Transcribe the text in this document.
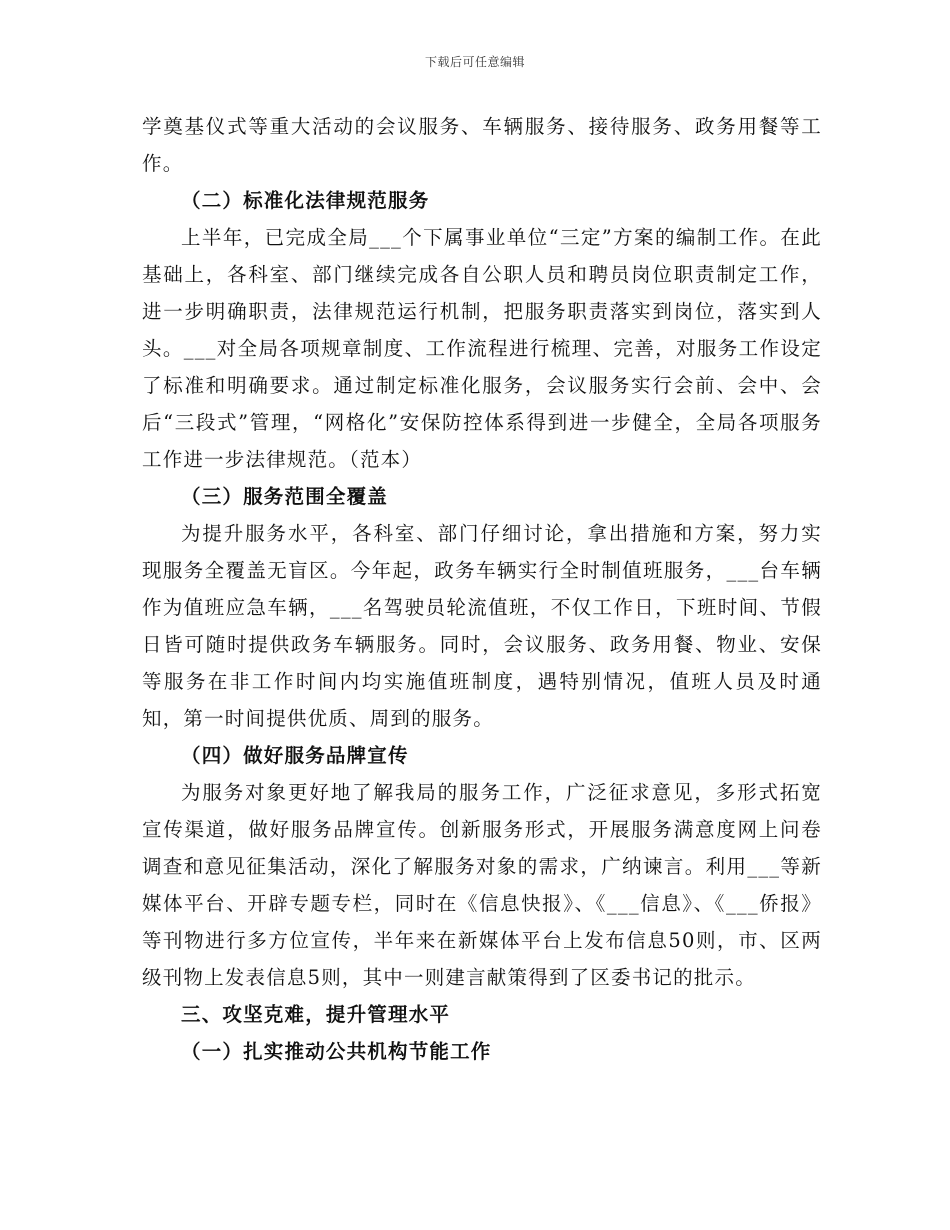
下载后可任意编辑

学奠基仪式等重大活动的会议服务、车辆服务、接待服务、政务用餐等工作。

（二）标准化法律规范服务

上半年，已完成全局___个下属事业单位“三定”方案的编制工作。在此基础上，各科室、部门继续完成各自公职人员和聘员岗位职责制定工作，进一步明确职责，法律规范运行机制，把服务职责落实到岗位，落实到人头。___对全局各项规章制度、工作流程进行梳理、完善，对服务工作设定了标准和明确要求。通过制定标准化服务，会议服务实行会前、会中、会后“三段式”管理，“网格化”安保防控体系得到进一步健全，全局各项服务工作进一步法律规范。（范本）

（三）服务范围全覆盖

为提升服务水平，各科室、部门仔细讨论，拿出措施和方案，努力实现服务全覆盖无盲区。今年起，政务车辆实行全时制值班服务，___台车辆作为值班应急车辆，___名驾驶员轮流值班，不仅工作日，下班时间、节假日皆可随时提供政务车辆服务。同时，会议服务、政务用餐、物业、安保等服务在非工作时间内均实施值班制度，遇特别情况，值班人员及时通知，第一时间提供优质、周到的服务。

（四）做好服务品牌宣传

为服务对象更好地了解我局的服务工作，广泛征求意见，多形式拓宽宣传渠道，做好服务品牌宣传。创新服务形式，开展服务满意度网上问卷调查和意见征集活动，深化了解服务对象的需求，广纳谏言。利用___等新媒体平台、开辟专题专栏，同时在《信息快报》、《___信息》、《___侨报》等刊物进行多方位宣传，半年来在新媒体平台上发布信息50则，市、区两级刊物上发表信息5则，其中一则建言献策得到了区委书记的批示。

三、攻坚克难，提升管理水平

（一）扎实推动公共机构节能工作
